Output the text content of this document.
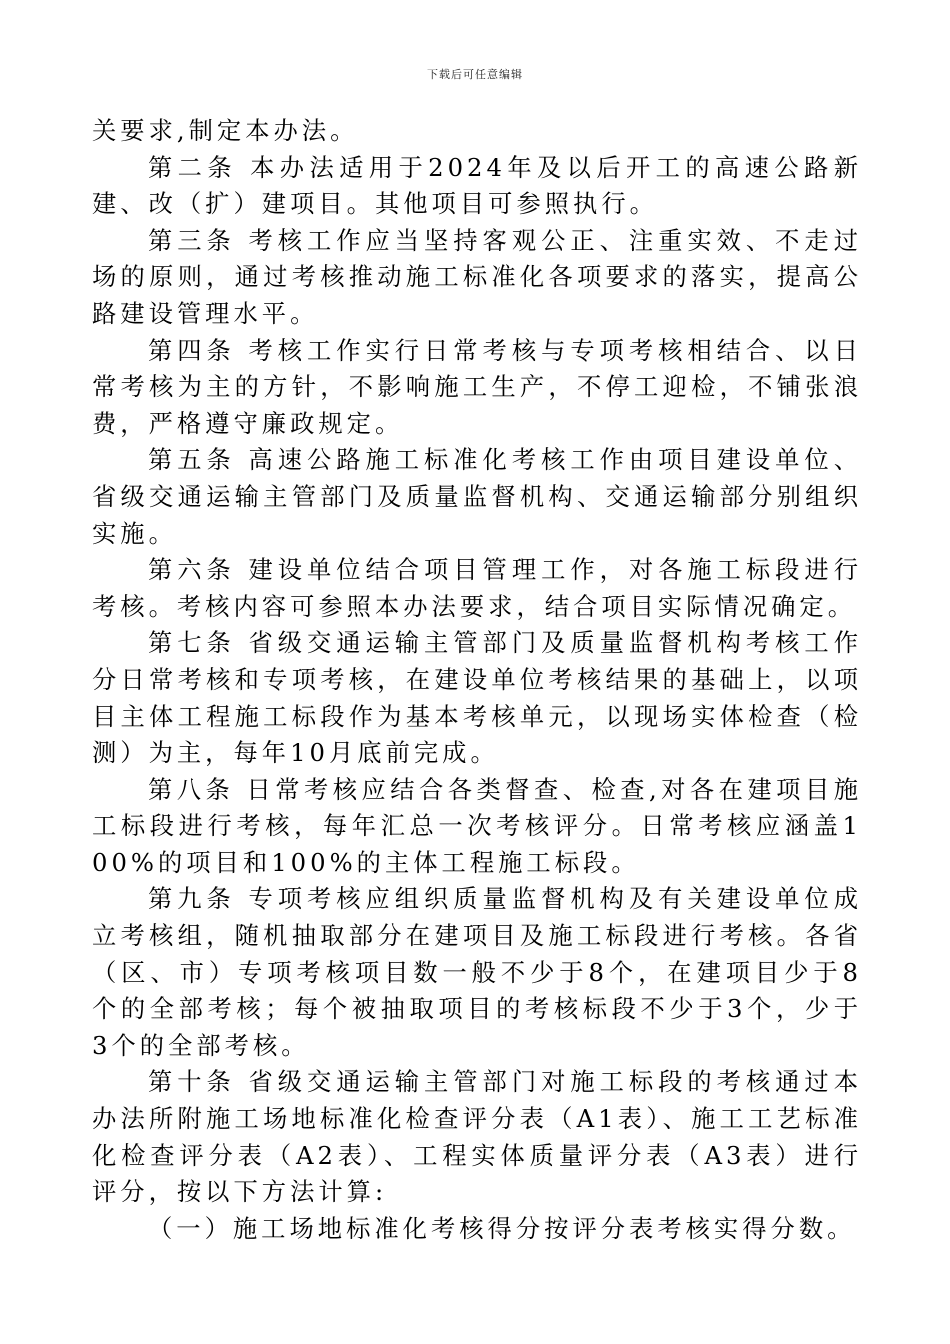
下载后可任意编辑

关要求,制定本办法。

第二条 本办法适用于2024年及以后开工的高速公路新建、改（扩）建项目。其他项目可参照执行。

第三条 考核工作应当坚持客观公正、注重实效、不走过场的原则，通过考核推动施工标准化各项要求的落实，提高公路建设管理水平。

第四条 考核工作实行日常考核与专项考核相结合、以日常考核为主的方针，不影响施工生产，不停工迎检，不铺张浪费，严格遵守廉政规定。

第五条 高速公路施工标准化考核工作由项目建设单位、省级交通运输主管部门及质量监督机构、交通运输部分别组织实施。

第六条 建设单位结合项目管理工作，对各施工标段进行考核。考核内容可参照本办法要求，结合项目实际情况确定。

第七条 省级交通运输主管部门及质量监督机构考核工作分日常考核和专项考核，在建设单位考核结果的基础上，以项目主体工程施工标段作为基本考核单元，以现场实体检查（检测）为主，每年10月底前完成。

第八条 日常考核应结合各类督查、检查,对各在建项目施工标段进行考核，每年汇总一次考核评分。日常考核应涵盖100%的项目和100%的主体工程施工标段。

第九条 专项考核应组织质量监督机构及有关建设单位成立考核组，随机抽取部分在建项目及施工标段进行考核。各省（区、市）专项考核项目数一般不少于8个，在建项目少于8个的全部考核；每个被抽取项目的考核标段不少于3个，少于3个的全部考核。

第十条 省级交通运输主管部门对施工标段的考核通过本办法所附施工场地标准化检查评分表（A1表）、施工工艺标准化检查评分表（A2表）、工程实体质量评分表（A3表）进行评分，按以下方法计算:

（一）施工场地标准化考核得分按评分表考核实得分数。
